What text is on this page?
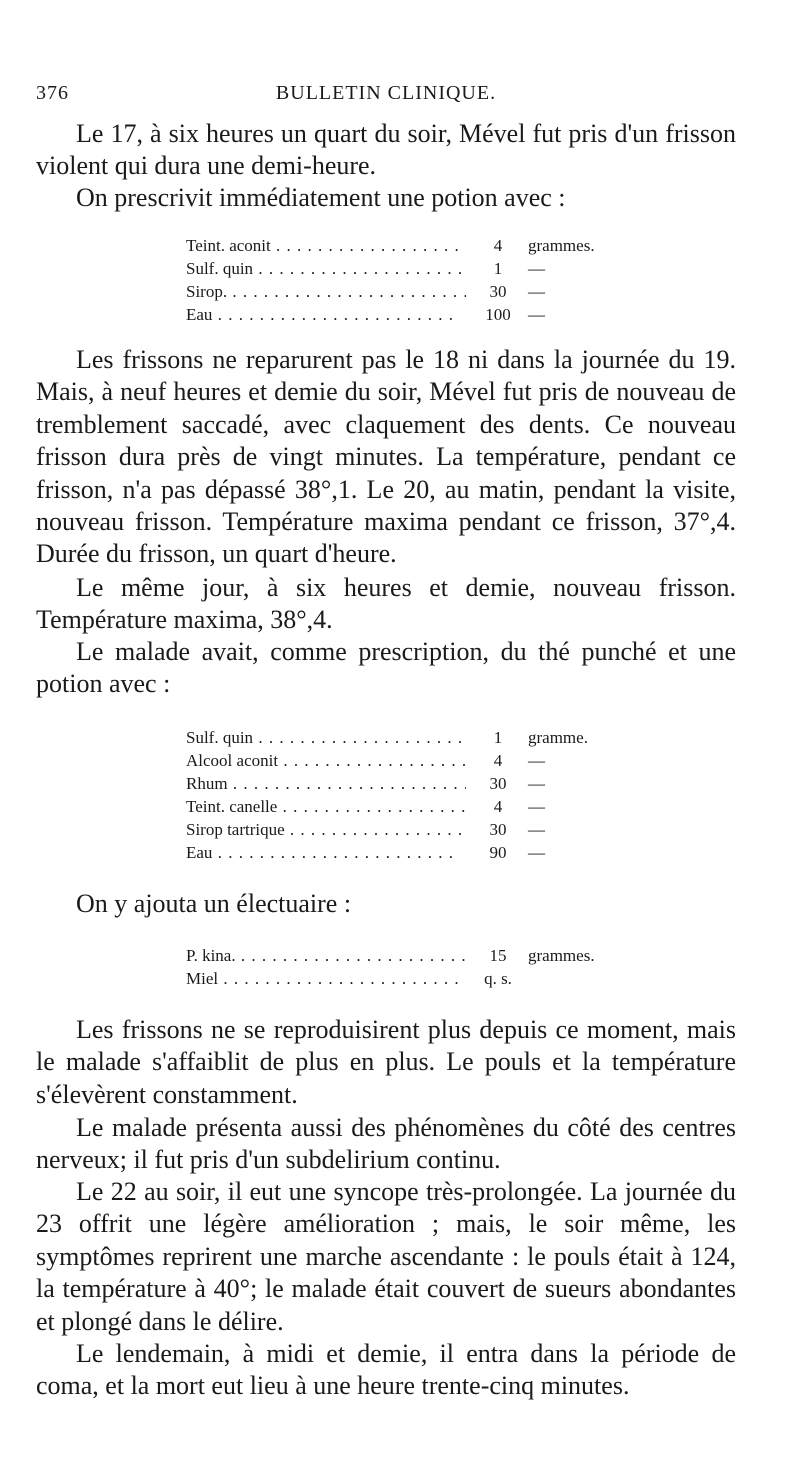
376	BULLETIN CLINIQUE.

Le 17, à six heures un quart du soir, Mével fut pris d'un frisson violent qui dura une demi-heure.

On prescrivit immédiatement une potion avec :

Teint. aconit . . .	4	grammes.
Sulf. quin . . .	1	—
Sirop. . . .	30	—
Eau . . .	100	—

Les frissons ne reparurent pas le 18 ni dans la journée du 19. Mais, à neuf heures et demie du soir, Mével fut pris de nouveau de tremblement saccadé, avec claquement des dents. Ce nouveau frisson dura près de vingt minutes. La température, pendant ce frisson, n'a pas dépassé 38°,1. Le 20, au matin, pendant la visite, nouveau frisson. Température maxima pendant ce frisson, 37°,4. Durée du frisson, un quart d'heure.

Le même jour, à six heures et demie, nouveau frisson. Température maxima, 38°,4.

Le malade avait, comme prescription, du thé punché et une potion avec :

Sulf. quin . . .	1	gramme.
Alcool aconit . . .	4	—
Rhum . . .	30	—
Teint. canelle . . .	4	—
Sirop tartrique . . .	30	—
Eau . . .	90	—

On y ajouta un électuaire :

P. kina. . . .	15	grammes.
Miel . . .	q. s.

Les frissons ne se reproduisirent plus depuis ce moment, mais le malade s'affaiblit de plus en plus. Le pouls et la température s'élevèrent constamment.

Le malade présenta aussi des phénomènes du côté des centres nerveux; il fut pris d'un subdelirium continu.

Le 22 au soir, il eut une syncope très-prolongée. La journée du 23 offrit une légère amélioration ; mais, le soir même, les symptômes reprirent une marche ascendante : le pouls était à 124, la température à 40°; le malade était couvert de sueurs abondantes et plongé dans le délire.

Le lendemain, à midi et demie, il entra dans la période de coma, et la mort eut lieu à une heure trente-cinq minutes.
